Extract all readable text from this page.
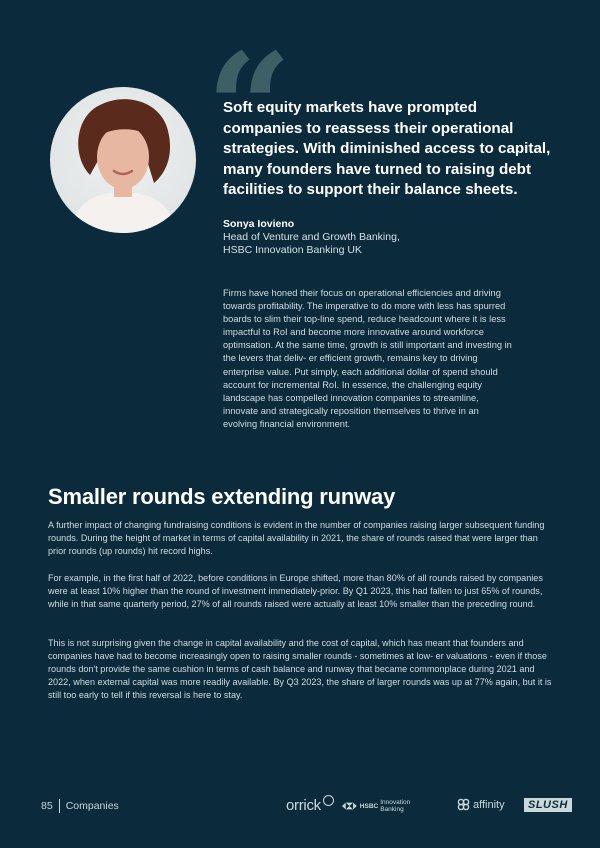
“
Soft equity markets have prompted companies to reassess their operational strategies. With diminished access to capital, many founders have turned to raising debt facilities to support their balance sheets.
Sonya Iovieno
Head of Venture and Growth Banking,
HSBC Innovation Banking UK
Firms have honed their focus on operational efficiencies and driving towards profitability. The imperative to do more with less has spurred boards to slim their top-line spend, reduce headcount where it is less impactful to RoI and become more innovative around workforce optimsation. At the same time, growth is still important and investing in the levers that deliv- er efficient growth, remains key to driving enterprise value. Put simply, each additional dollar of spend should account for incremental RoI. In essence, the challenging equity landscape has compelled innovation companies to streamline, innovate and strategically reposition themselves to thrive in an evolving financial environment.
Smaller rounds extending runway

A further impact of changing fundraising conditions is evident in the number of companies raising larger subsequent funding rounds. During the height of market in terms of capital availability in 2021, the share of rounds raised that were larger than prior rounds (up rounds) hit record highs.

For example, in the first half of 2022, before conditions in Europe shifted, more than 80% of all rounds raised by companies were at least 10% higher than the round of investment immediately-prior. By Q1 2023, this had fallen to just 65% of rounds, while in that same quarterly period, 27% of all rounds raised were actually at least 10% smaller than the preceding round.

This is not surprising given the change in capital availability and the cost of capital, which has meant that founders and companies have had to become increasingly open to raising smaller rounds - sometimes at low- er valuations - even if those rounds don't provide the same cushion in terms of cash balance and runway that became commonplace during 2021 and 2022, when external capital was more readily available. By Q3 2023, the share of larger rounds was up at 77% again, but it is still too early to tell if this reversal is here to stay.

85 Companies	orrick	HSBC Innovation Banking	affinity	SLUSH
